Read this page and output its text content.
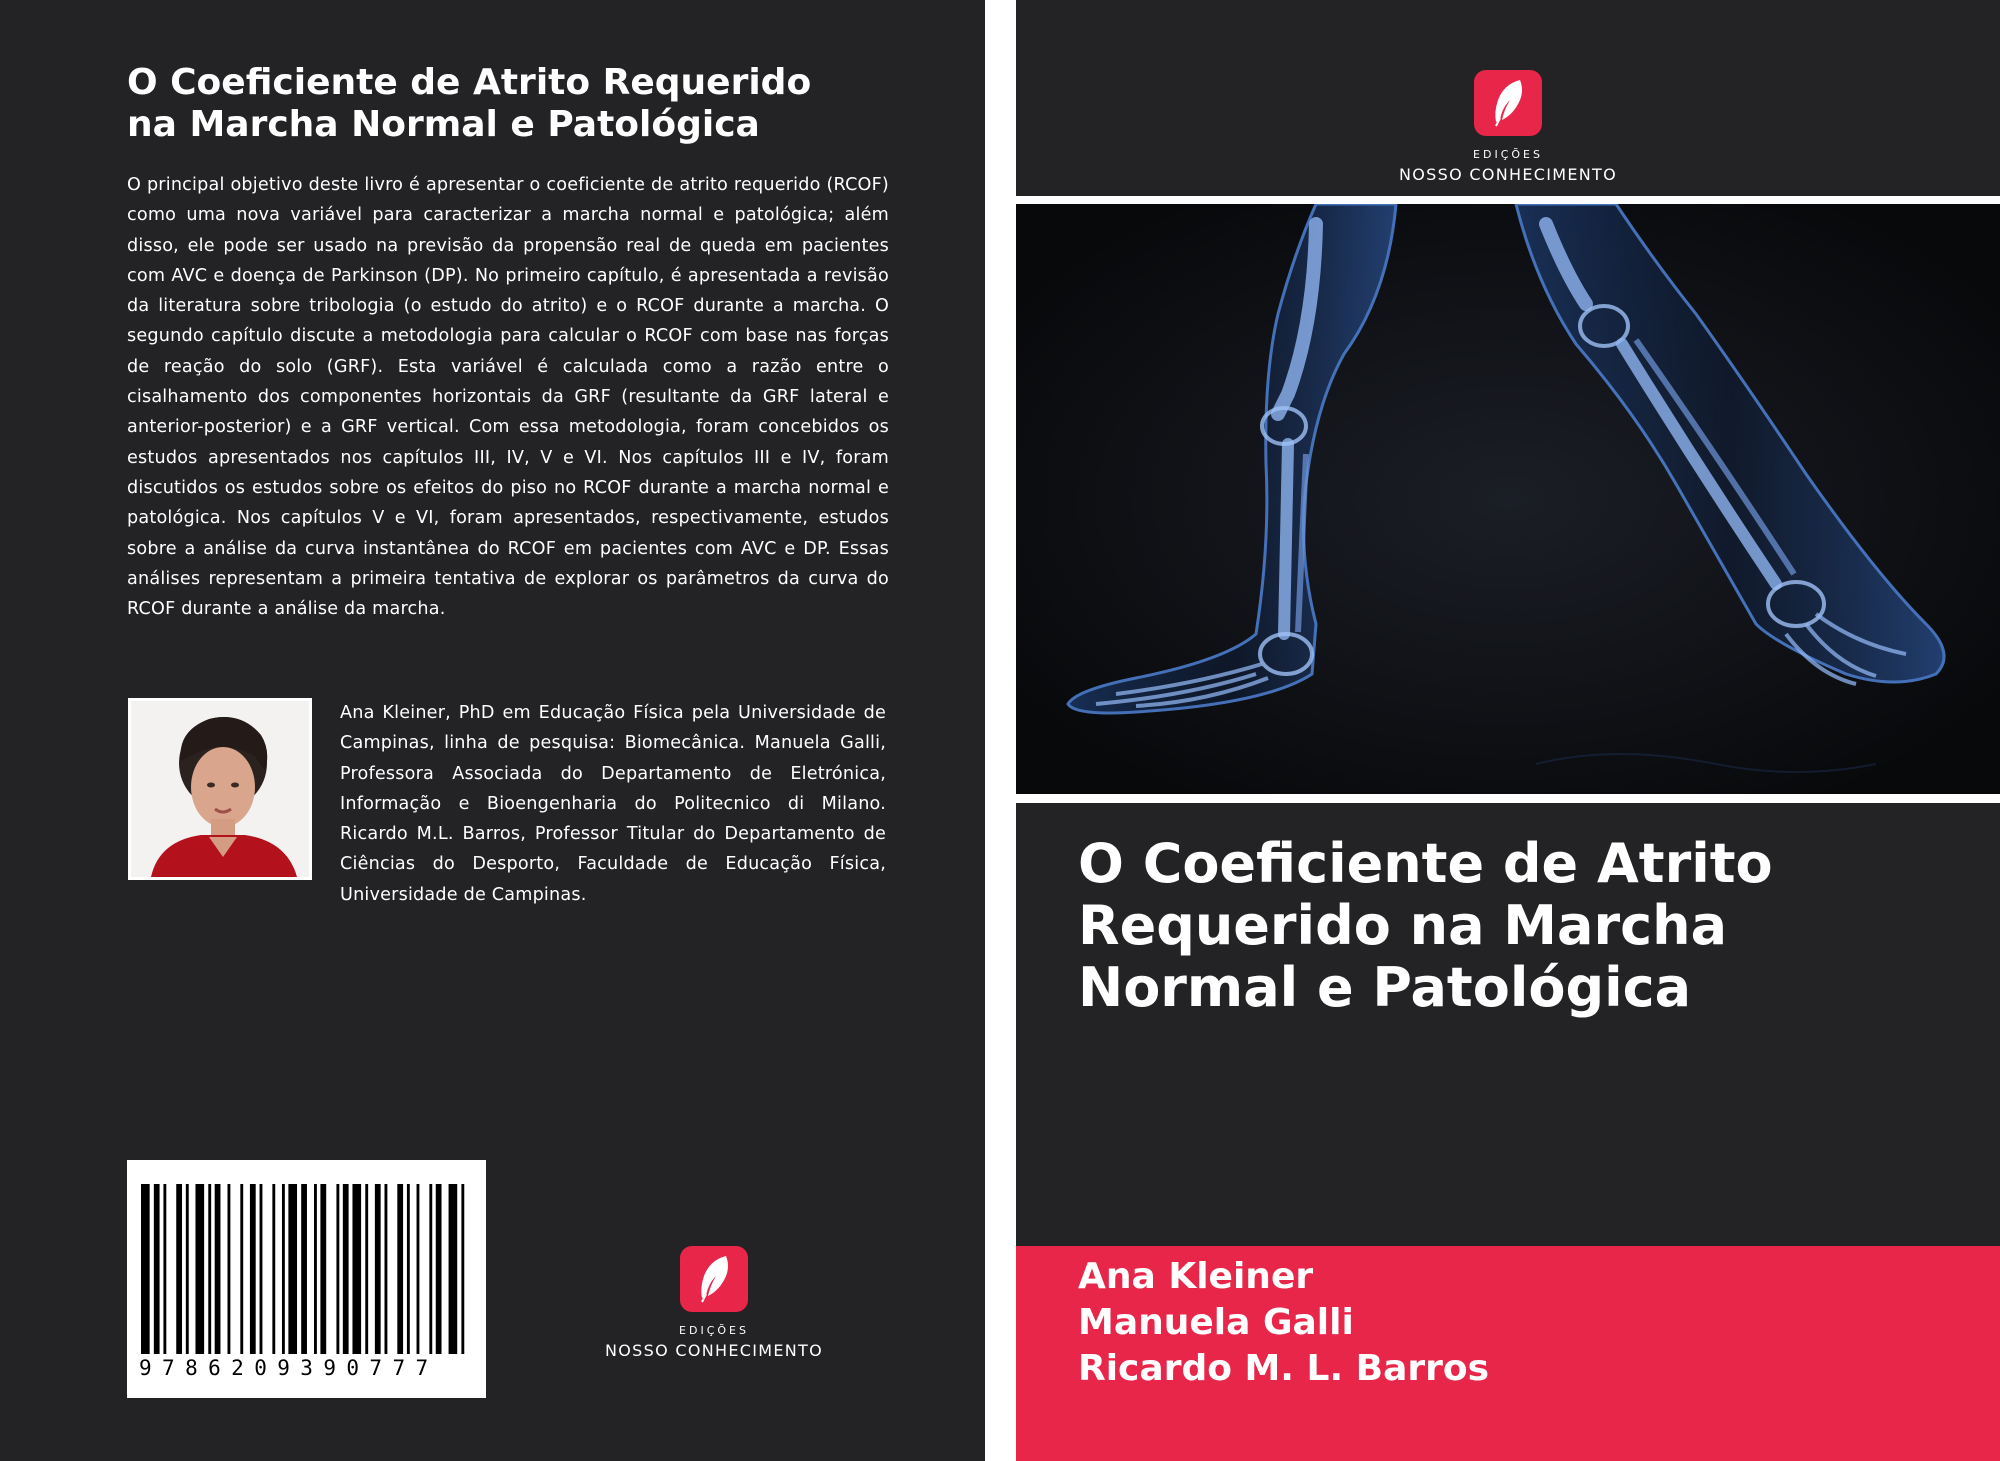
O Coeficiente de Atrito Requerido
na Marcha Normal e Patológica

O principal objetivo deste livro é apresentar o coeficiente de atrito requerido (RCOF) como uma nova variável para caracterizar a marcha normal e patológica; além disso, ele pode ser usado na previsão da propensão real de queda em pacientes com AVC e doença de Parkinson (DP). No primeiro capítulo, é apresentada a revisão da literatura sobre tribologia (o estudo do atrito) e o RCOF durante a marcha. O segundo capítulo discute a metodologia para calcular o RCOF com base nas forças de reação do solo (GRF). Esta variável é calculada como a razão entre o cisalhamento dos componentes horizontais da GRF (resultante da GRF lateral e anterior-posterior) e a GRF vertical. Com essa metodologia, foram concebidos os estudos apresentados nos capítulos III, IV, V e VI. Nos capítulos III e IV, foram discutidos os estudos sobre os efeitos do piso no RCOF durante a marcha normal e patológica. Nos capítulos V e VI, foram apresentados, respectivamente, estudos sobre a análise da curva instantânea do RCOF em pacientes com AVC e DP. Essas análises representam a primeira tentativa de explorar os parâmetros da curva do RCOF durante a análise da marcha.

Ana Kleiner, PhD em Educação Física pela Universidade de Campinas, linha de pesquisa: Biomecânica. Manuela Galli, Professora Associada do Departamento de Eletrónica, Informação e Bioengenharia do Politecnico di Milano. Ricardo M.L. Barros, Professor Titular do Departamento de Ciências do Desporto, Faculdade de Educação Física, Universidade de Campinas.

9786209390777
EDIÇÕES
NOSSO CONHECIMENTO
EDIÇÕES
NOSSO CONHECIMENTO
O Coeficiente de Atrito
Requerido na Marcha
Normal e Patológica
Ana Kleiner
Manuela Galli
Ricardo M. L. Barros
